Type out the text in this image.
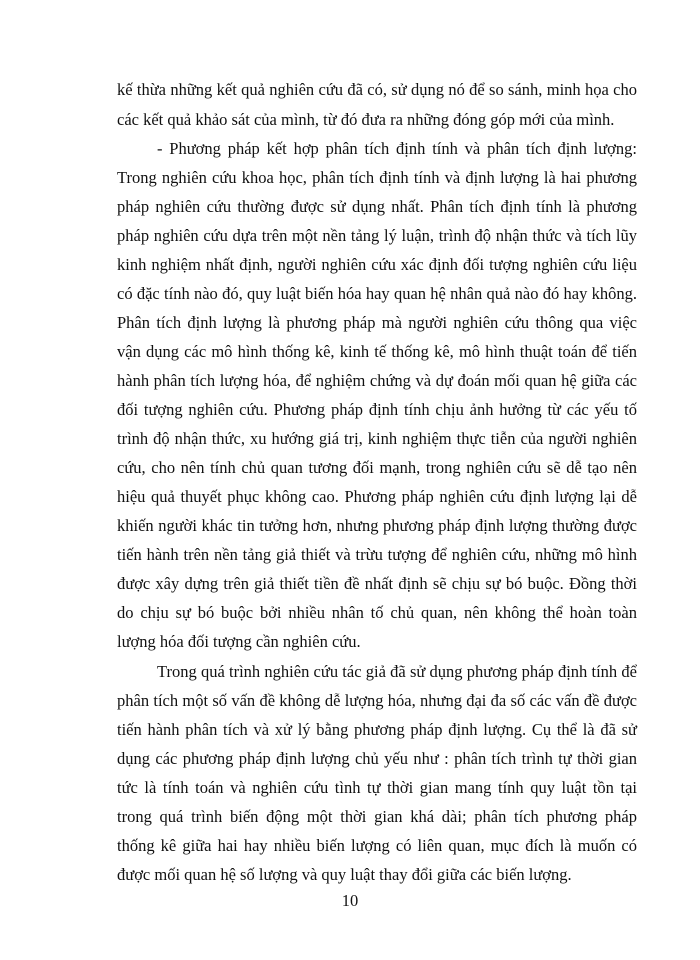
kế thừa những kết quả nghiên cứu đã có, sử dụng nó để so sánh, minh họa cho
các kết quả khảo sát của mình, từ đó đưa ra những đóng góp mới của mình.
- Phương pháp kết hợp phân tích định tính và phân tích định lượng:
Trong nghiên cứu khoa học, phân tích định tính và định lượng là hai phương
pháp nghiên cứu thường được sử dụng nhất. Phân tích định tính là phương
pháp nghiên cứu dựa trên một nền tảng lý luận, trình độ nhận thức và tích lũy
kinh nghiệm nhất định, người nghiên cứu xác định đối tượng nghiên cứu liệu
có đặc tính nào đó, quy luật biến hóa hay quan hệ nhân quả nào đó hay không.
Phân tích định lượng là phương pháp mà người nghiên cứu thông qua việc
vận dụng các mô hình thống kê, kinh tế thống kê, mô hình thuật toán để tiến
hành phân tích lượng hóa, để nghiệm chứng và dự đoán mối quan hệ giữa các
đối tượng nghiên cứu. Phương pháp định tính chịu ảnh hưởng từ các yếu tố
trình độ nhận thức, xu hướng giá trị, kinh nghiệm thực tiễn của người nghiên
cứu, cho nên tính chủ quan tương đối mạnh, trong nghiên cứu sẽ dễ tạo nên
hiệu quả thuyết phục không cao. Phương pháp nghiên cứu định lượng lại dễ
khiến người khác tin tưởng hơn, nhưng phương pháp định lượng thường được
tiến hành trên nền tảng giả thiết và trừu tượng để nghiên cứu, những mô hình
được xây dựng trên giả thiết tiền đề nhất định sẽ chịu sự bó buộc. Đồng thời
do chịu sự bó buộc bởi nhiều nhân tố chủ quan, nên không thể hoàn toàn
lượng hóa đối tượng cần nghiên cứu.
Trong quá trình nghiên cứu tác giả đã sử dụng phương pháp định tính để
phân tích một số vấn đề không dễ lượng hóa, nhưng đại đa số các vấn đề được
tiến hành phân tích và xử lý bằng phương pháp định lượng. Cụ thể là đã sử
dụng các phương pháp định lượng chủ yếu như : phân tích trình tự thời gian
tức là tính toán và nghiên cứu tình tự thời gian mang tính quy luật tồn tại
trong quá trình biến động một thời gian khá dài; phân tích phương pháp
thống kê giữa hai hay nhiều biến lượng có liên quan, mục đích là muốn có
được mối quan hệ số lượng và quy luật thay đổi giữa các biến lượng.
10
